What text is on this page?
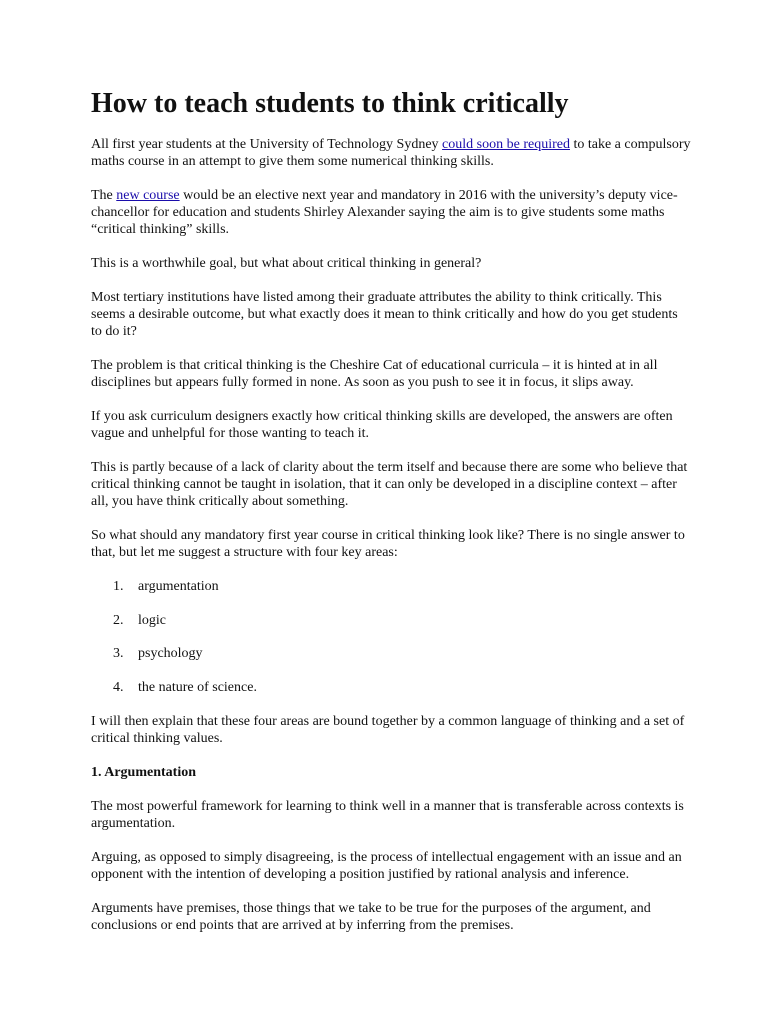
How to teach students to think critically

All first year students at the University of Technology Sydney could soon be required to take a compulsory maths course in an attempt to give them some numerical thinking skills.

The new course would be an elective next year and mandatory in 2016 with the university’s deputy vice-chancellor for education and students Shirley Alexander saying the aim is to give students some maths “critical thinking” skills.

This is a worthwhile goal, but what about critical thinking in general?

Most tertiary institutions have listed among their graduate attributes the ability to think critically. This seems a desirable outcome, but what exactly does it mean to think critically and how do you get students to do it?

The problem is that critical thinking is the Cheshire Cat of educational curricula – it is hinted at in all disciplines but appears fully formed in none. As soon as you push to see it in focus, it slips away.

If you ask curriculum designers exactly how critical thinking skills are developed, the answers are often vague and unhelpful for those wanting to teach it.

This is partly because of a lack of clarity about the term itself and because there are some who believe that critical thinking cannot be taught in isolation, that it can only be developed in a discipline context – after all, you have think critically about something.

So what should any mandatory first year course in critical thinking look like? There is no single answer to that, but let me suggest a structure with four key areas:

1. argumentation
2. logic
3. psychology
4. the nature of science.

I will then explain that these four areas are bound together by a common language of thinking and a set of critical thinking values.

1. Argumentation

The most powerful framework for learning to think well in a manner that is transferable across contexts is argumentation.

Arguing, as opposed to simply disagreeing, is the process of intellectual engagement with an issue and an opponent with the intention of developing a position justified by rational analysis and inference.

Arguments have premises, those things that we take to be true for the purposes of the argument, and conclusions or end points that are arrived at by inferring from the premises.
